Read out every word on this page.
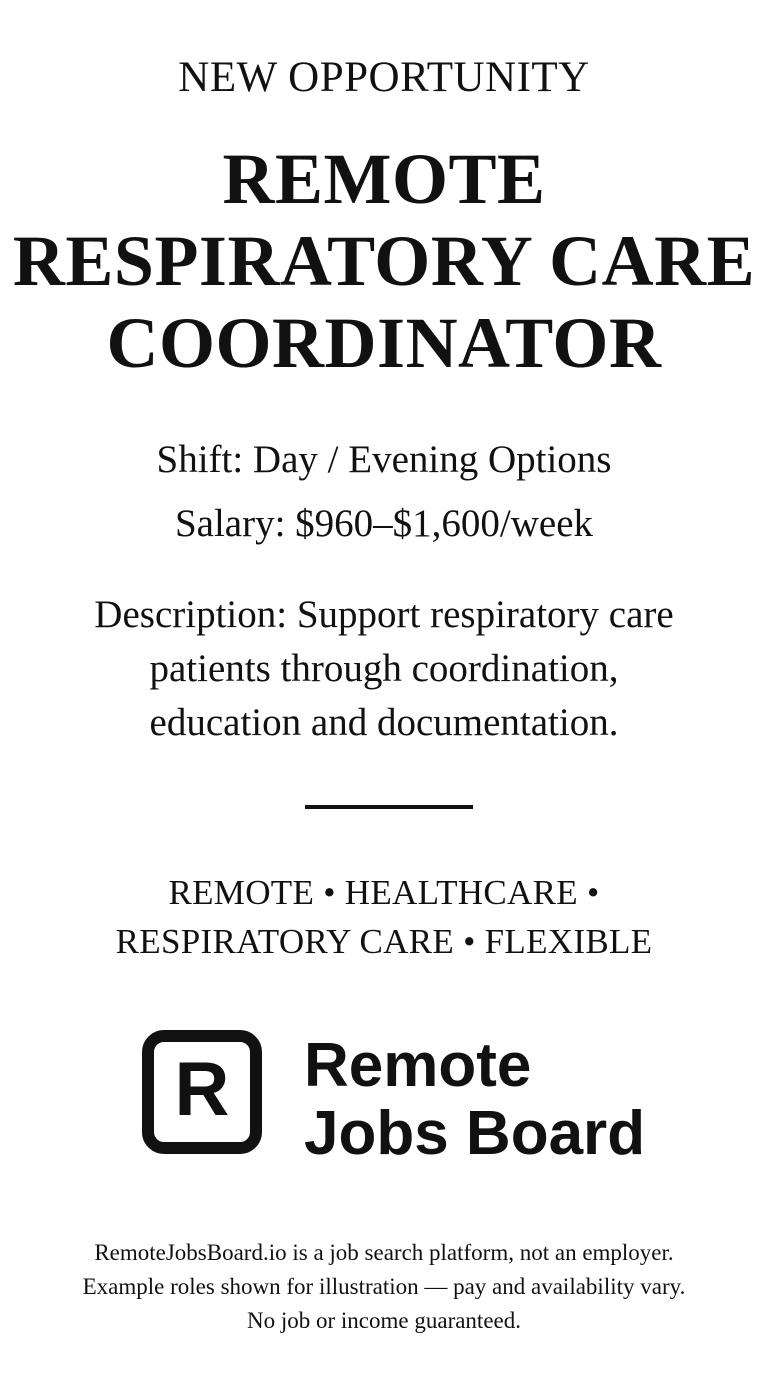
NEW OPPORTUNITY
REMOTE
RESPIRATORY CARE
COORDINATOR
Shift: Day / Evening Options
Salary: $960–$1,600/week
Description: Support respiratory care
patients through coordination,
education and documentation.
REMOTE • HEALTHCARE •
RESPIRATORY CARE • FLEXIBLE
R Remote
Jobs Board
RemoteJobsBoard.io is a job search platform, not an employer.
Example roles shown for illustration — pay and availability vary.
No job or income guaranteed.
